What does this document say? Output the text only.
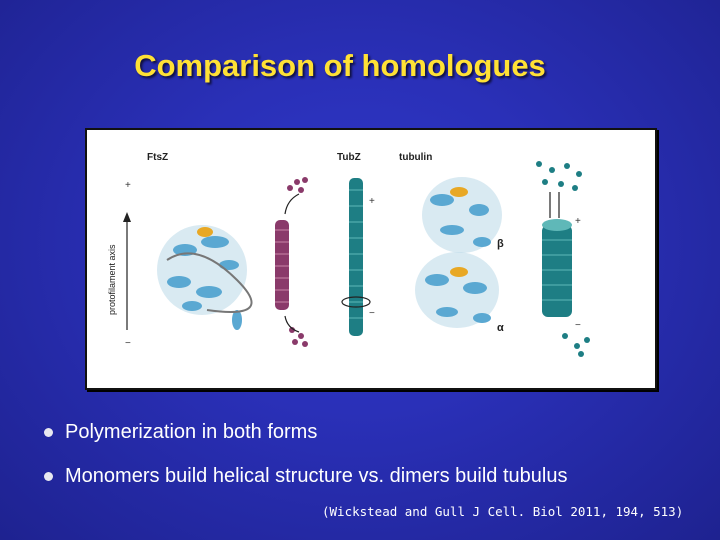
Comparison of homologues
+
−
+
−
+
−
FtsZ	TubZ	tubulin
β
α
protofilament axis
Polymerization in both forms
Monomers build helical structure vs. dimers build tubulus
(Wickstead and Gull J Cell. Biol 2011, 194, 513)
